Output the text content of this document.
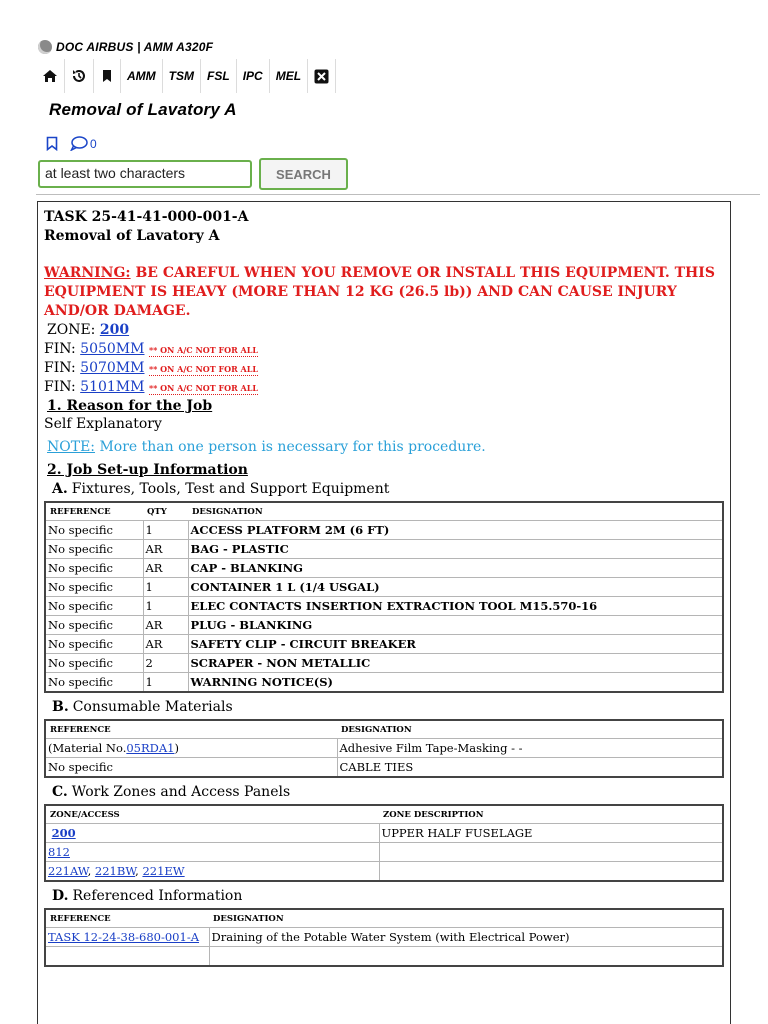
DOC AIRBUS | AMM A320F
AMM	TSM	FSL	IPC	MEL
Removal of Lavatory A
0
at least two characters	SEARCH
TASK 25-41-41-000-001-A
Removal of Lavatory A
WARNING: BE CAREFUL WHEN YOU REMOVE OR INSTALL THIS EQUIPMENT. THIS EQUIPMENT IS HEAVY (MORE THAN 12 KG (26.5 lb)) AND CAN CAUSE INJURY AND/OR DAMAGE.
ZONE: 200
FIN: 5050MM ** ON A/C NOT FOR ALL
FIN: 5070MM ** ON A/C NOT FOR ALL
FIN: 5101MM ** ON A/C NOT FOR ALL
1. Reason for the Job
Self Explanatory
NOTE: More than one person is necessary for this procedure.
2. Job Set-up Information

A. Fixtures, Tools, Test and Support Equipment

REFERENCE	QTY	DESIGNATION
No specific	1	ACCESS PLATFORM 2M (6 FT)
No specific	AR	BAG - PLASTIC
No specific	AR	CAP - BLANKING
No specific	1	CONTAINER 1 L (1/4 USGAL)
No specific	1	ELEC CONTACTS INSERTION EXTRACTION TOOL M15.570-16
No specific	AR	PLUG - BLANKING
No specific	AR	SAFETY CLIP - CIRCUIT BREAKER
No specific	2	SCRAPER - NON METALLIC
No specific	1	WARNING NOTICE(S)

B. Consumable Materials

REFERENCE	DESIGNATION
(Material No.05RDA1)	Adhesive Film Tape-Masking - -
No specific	CABLE TIES

C. Work Zones and Access Panels

ZONE/ACCESS	ZONE DESCRIPTION
200	UPPER HALF FUSELAGE
812	
221AW, 221BW, 221EW	

D. Referenced Information

REFERENCE	DESIGNATION
TASK 12-24-38-680-001-A	Draining of the Potable Water System (with Electrical Power)
